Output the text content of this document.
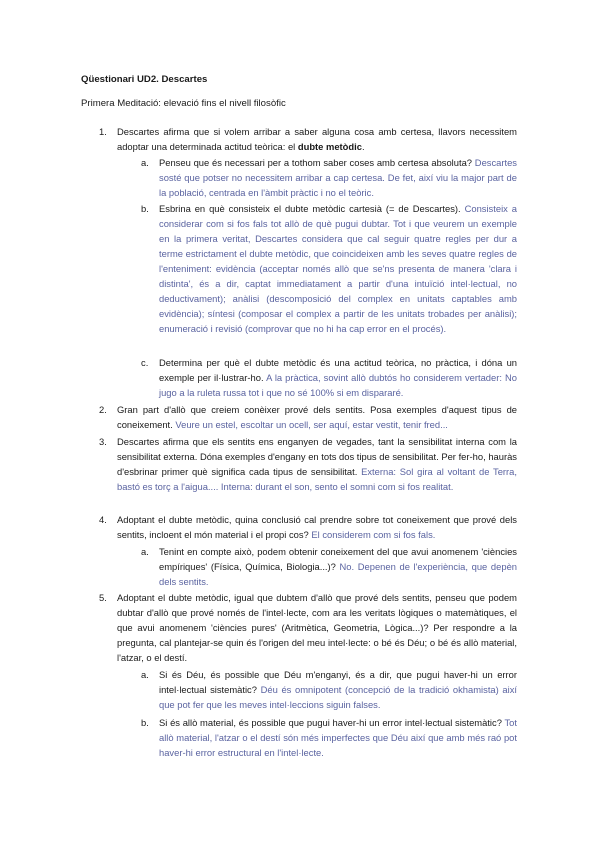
Qüestionari UD2. Descartes
Primera Meditació: elevació fins el nivell filosòfic
1. Descartes afirma que si volem arribar a saber alguna cosa amb certesa, llavors necessitem adoptar una determinada actitud teòrica: el dubte metòdic.

a. Penseu que és necessari per a tothom saber coses amb certesa absoluta? Descartes sosté que potser no necessitem arribar a cap certesa. De fet, així viu la major part de la població, centrada en l'àmbit pràctic i no el teòric.

b. Esbrina en què consisteix el dubte metòdic cartesià (= de Descartes). Consisteix a considerar com si fos fals tot allò de què pugui dubtar. Tot i que veurem un exemple en la primera veritat, Descartes considera que cal seguir quatre regles per dur a terme estrictament el dubte metòdic, que coincideixen amb les seves quatre regles de l'enteniment: evidència (acceptar només allò que se'ns presenta de manera 'clara i distinta', és a dir, captat immediatament a partir d'una intuïció intel·lectual, no deductivament); anàlisi (descomposició del complex en unitats captables amb evidència); síntesi (composar el complex a partir de les unitats trobades per anàlisi); enumeració i revisió (comprovar que no hi ha cap error en el procés).

c. Determina per què el dubte metòdic és una actitud teòrica, no pràctica, i dóna un exemple per il·lustrar-ho. A la pràctica, sovint allò dubtós ho considerem vertader: No jugo a la ruleta russa tot i que no sé 100% si em dispararé.

2. Gran part d'allò que creiem conèixer prové dels sentits. Posa exemples d'aquest tipus de coneixement. Veure un estel, escoltar un ocell, ser aquí, estar vestit, tenir fred...

3. Descartes afirma que els sentits ens enganyen de vegades, tant la sensibilitat interna com la sensibilitat externa. Dóna exemples d'engany en tots dos tipus de sensibilitat. Per fer-ho, hauràs d'esbrinar primer què significa cada tipus de sensibilitat. Externa: Sol gira al voltant de Terra, bastó es torç a l'aigua.... Interna: durant el son, sento el somni com si fos realitat.

4. Adoptant el dubte metòdic, quina conclusió cal prendre sobre tot coneixement que prové dels sentits, incloent el món material i el propi cos? El considerem com si fos fals.

a. Tenint en compte això, podem obtenir coneixement del que avui anomenem 'ciències empíriques' (Física, Química, Biologia...)? No. Depenen de l'experiència, que depèn dels sentits.

5. Adoptant el dubte metòdic, igual que dubtem d'allò que prové dels sentits, penseu que podem dubtar d'allò que prové només de l'intel·lecte, com ara les veritats lògiques o matemàtiques, el que avui anomenem 'ciències pures' (Aritmètica, Geometria, Lògica...)? Per respondre a la pregunta, cal plantejar-se quin és l'origen del meu intel·lecte: o bé és Déu; o bé és allò material, l'atzar, o el destí.

a. Si és Déu, és possible que Déu m'enganyi, és a dir, que pugui haver-hi un error intel·lectual sistemàtic? Déu és omnipotent (concepció de la tradició okhamista) així que pot fer que les meves intel·leccions siguin falses.

b. Si és allò material, és possible que pugui haver-hi un error intel·lectual sistemàtic? Tot allò material, l'atzar o el destí són més imperfectes que Déu així que amb més raó pot haver-hi error estructural en l'intel·lecte.
